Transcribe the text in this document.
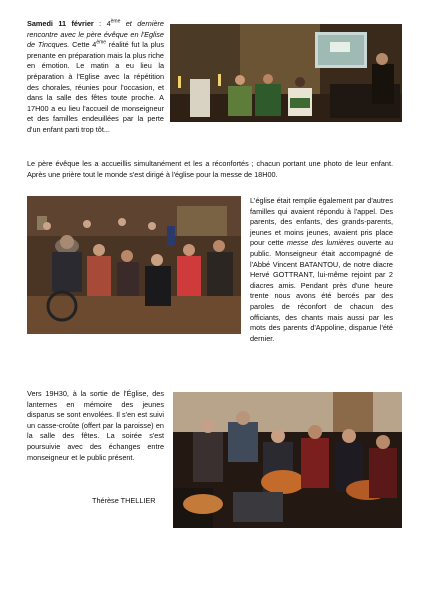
Samedi 11 février : 4ème et dernière rencontre avec le père évêque en l'Eglise de Tincques. Cette 4ème réalité fut la plus prenante en préparation mais la plus riche en émotion. Le matin a eu lieu la préparation à l'Eglise avec la répétition des chorales, réunies pour l'occasion, et dans la salle des fêtes toute proche. A 17H00 a eu lieu l'accueil de monseigneur et des familles endeuillées par la perte d'un enfant parti trop tôt...

Le père évêque les a accueillis simultanément et les a réconfortés ; chacun portant une photo de leur enfant. Après une prière tout le monde s'est dirigé à l'église pour la messe de 18H00.

L'église était remplie également par d'autres familles qui avaient répondu à l'appel. Des parents, des enfants, des grands-parents, jeunes et moins jeunes, avaient pris place pour cette messe des lumières ouverte au public. Monseigneur était accompagné de l'Abbé Vincent BATANTOU, de notre diacre Hervé GOTTRANT, lui-même rejoint par 2 diacres amis. Pendant près d'une heure trente nous avons été bercés par des paroles de réconfort de chacun des officiants, des chants mais aussi par les mots des parents d'Appoline, disparue l'été dernier.

Vers 19H30, à la sortie de l'Église, des lanternes en mémoire des jeunes disparus se sont envolées. Il s'en est suivi un casse-croûte (offert par la paroisse) en la salle des fêtes. La soirée s'est poursuivie avec des échanges entre monseigneur et le public présent.

Thérèse THELLIER
